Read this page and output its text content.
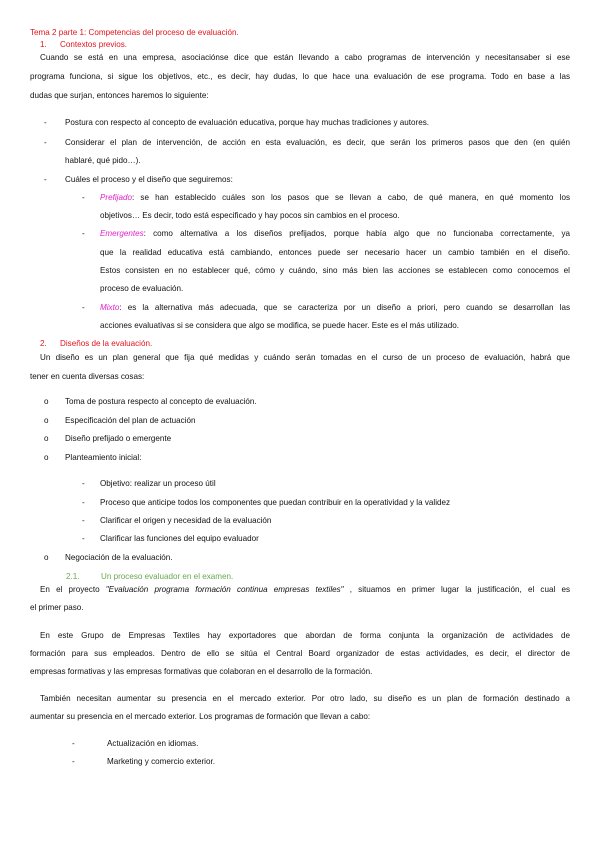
Tema 2 parte 1: Competencias del proceso de evaluación.
1. Contextos previos.
Cuando se está en una empresa, asociaciónse dice que están llevando a cabo programas de intervención y necesitansaber si ese
programa funciona, si sigue los objetivos, etc., es decir, hay dudas, lo que hace una evaluación de ese programa. Todo en base a las
dudas que surjan, entonces haremos lo siguiente:
- Postura con respecto al concepto de evaluación educativa, porque hay muchas tradiciones y autores.
- Considerar el plan de intervención, de acción en esta evaluación, es decir, que serán los primeros pasos que den (en quién
hablaré, qué pido…).
- Cuáles el proceso y el diseño que seguiremos:
- Prefijado: se han establecido cuáles son los pasos que se llevan a cabo, de qué manera, en qué momento los
objetivos… Es decir, todo está especificado y hay pocos sin cambios en el proceso.
- Emergentes: como alternativa a los diseños prefijados, porque había algo que no funcionaba correctamente, ya
que la realidad educativa está cambiando, entonces puede ser necesario hacer un cambio también en el diseño.
Estos consisten en no establecer qué, cómo y cuándo, sino más bien las acciones se establecen como conocemos el
proceso de evaluación.
- Mixto: es la alternativa más adecuada, que se caracteriza por un diseño a priori, pero cuando se desarrollan las
acciones evaluativas si se considera que algo se modifica, se puede hacer. Este es el más utilizado.
2. Diseños de la evaluación.
Un diseño es un plan general que fija qué medidas y cuándo serán tomadas en el curso de un proceso de evaluación, habrá que
tener en cuenta diversas cosas:
o Toma de postura respecto al concepto de evaluación.
o Especificación del plan de actuación
o Diseño prefijado o emergente
o Planteamiento inicial:
- Objetivo: realizar un proceso útil
- Proceso que anticipe todos los componentes que puedan contribuir en la operatividad y la validez
- Clarificar el origen y necesidad de la evaluación
- Clarificar las funciones del equipo evaluador
o Negociación de la evaluación.
2.1.	Un proceso evaluador en el examen.
En el proyecto "Evaluación programa formación continua empresas textiles" , situamos en primer lugar la justificación, el cual es
el primer paso.
En este Grupo de Empresas Textiles hay exportadores que abordan de forma conjunta la organización de actividades de
formación para sus empleados. Dentro de ello se sitúa el Central Board organizador de estas actividades, es decir, el director de
empresas formativas y las empresas formativas que colaboran en el desarrollo de la formación.
También necesitan aumentar su presencia en el mercado exterior. Por otro lado, su diseño es un plan de formación destinado a
aumentar su presencia en el mercado exterior. Los programas de formación que llevan a cabo:
-	Actualización en idiomas.
-	Marketing y comercio exterior.
